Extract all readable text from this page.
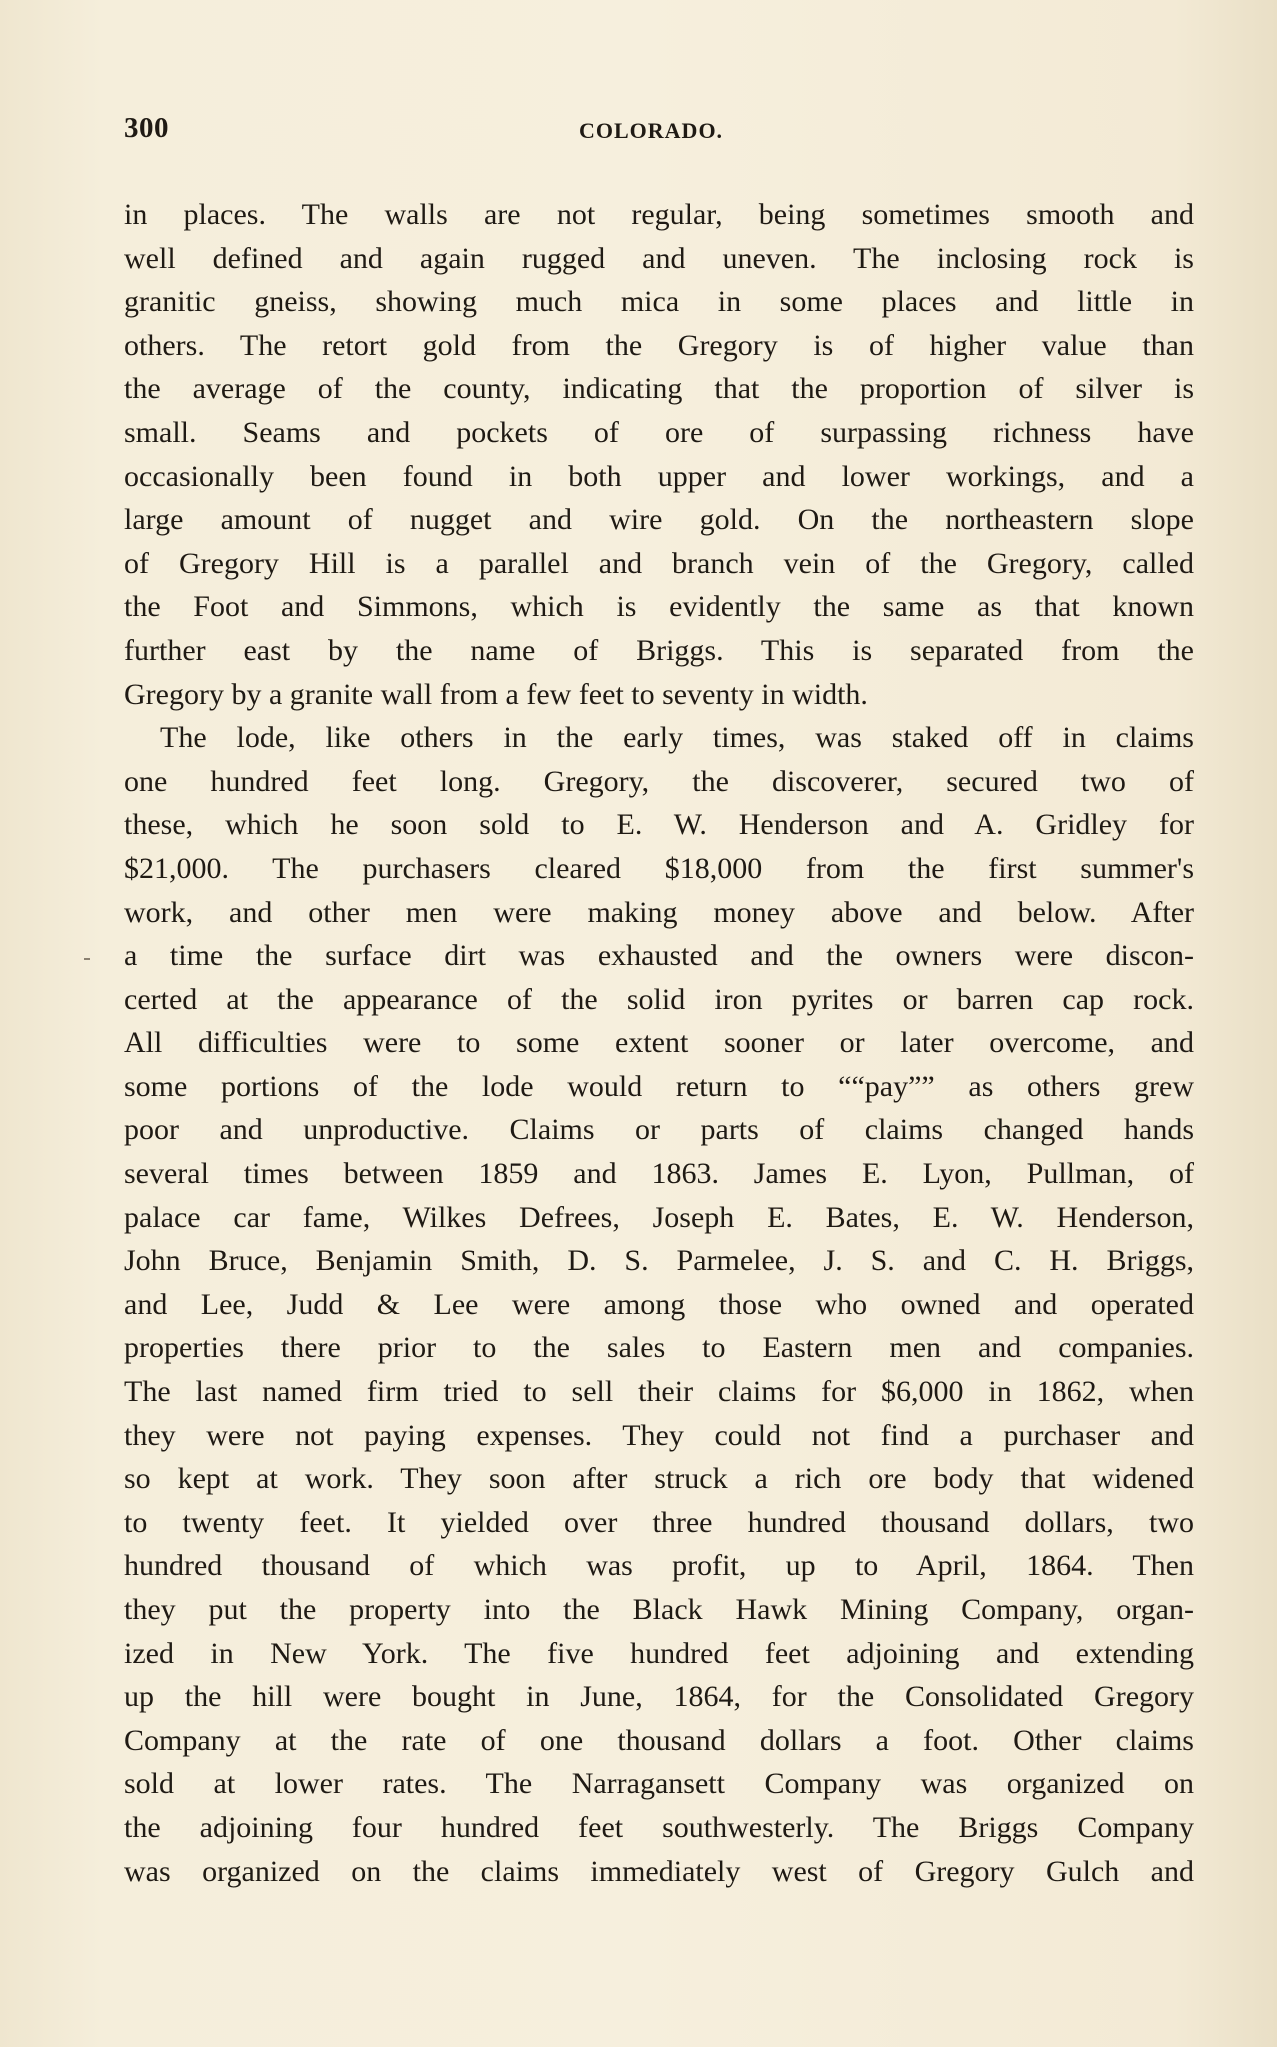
300	COLORADO.
in places. The walls are not regular, being sometimes smooth and
well defined and again rugged and uneven. The inclosing rock is
granitic gneiss, showing much mica in some places and little in
others. The retort gold from the Gregory is of higher value than
the average of the county, indicating that the proportion of silver is
small. Seams and pockets of ore of surpassing richness have
occasionally been found in both upper and lower workings, and a
large amount of nugget and wire gold. On the northeastern slope
of Gregory Hill is a parallel and branch vein of the Gregory, called
the Foot and Simmons, which is evidently the same as that known
further east by the name of Briggs. This is separated from the
Gregory by a granite wall from a few feet to seventy in width.
The lode, like others in the early times, was staked off in claims
one hundred feet long. Gregory, the discoverer, secured two of
these, which he soon sold to E. W. Henderson and A. Gridley for
$21,000. The purchasers cleared $18,000 from the first summer's
work, and other men were making money above and below. After
a time the surface dirt was exhausted and the owners were discon-
certed at the appearance of the solid iron pyrites or barren cap rock.
All difficulties were to some extent sooner or later overcome, and
some portions of the lode would return to ““pay”” as others grew
poor and unproductive. Claims or parts of claims changed hands
several times between 1859 and 1863. James E. Lyon, Pullman, of
palace car fame, Wilkes Defrees, Joseph E. Bates, E. W. Henderson,
John Bruce, Benjamin Smith, D. S. Parmelee, J. S. and C. H. Briggs,
and Lee, Judd & Lee were among those who owned and operated
properties there prior to the sales to Eastern men and companies.
The last named firm tried to sell their claims for $6,000 in 1862, when
they were not paying expenses. They could not find a purchaser and
so kept at work. They soon after struck a rich ore body that widened
to twenty feet. It yielded over three hundred thousand dollars, two
hundred thousand of which was profit, up to April, 1864. Then
they put the property into the Black Hawk Mining Company, organ-
ized in New York. The five hundred feet adjoining and extending
up the hill were bought in June, 1864, for the Consolidated Gregory
Company at the rate of one thousand dollars a foot. Other claims
sold at lower rates. The Narragansett Company was organized on
the adjoining four hundred feet southwesterly. The Briggs Company
was organized on the claims immediately west of Gregory Gulch and
